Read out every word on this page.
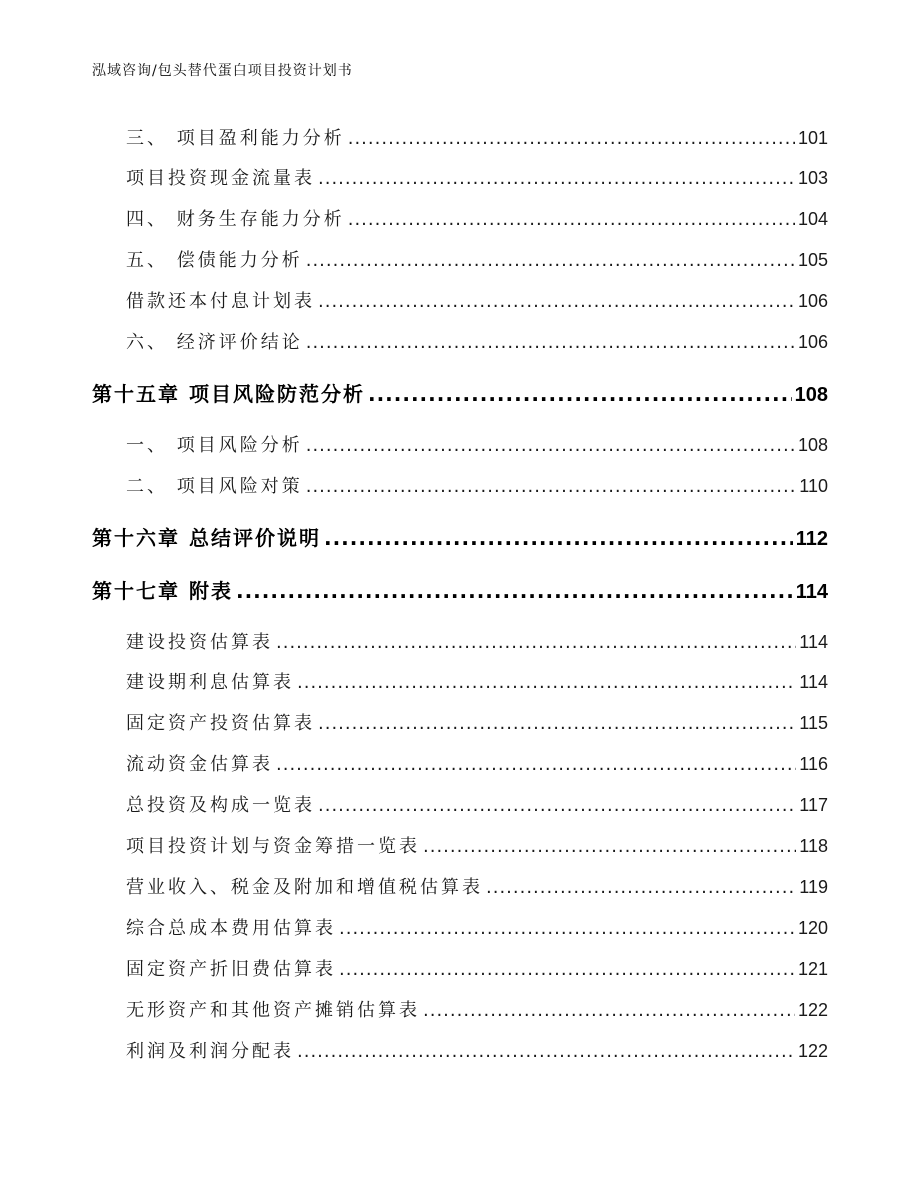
泓域咨询/包头替代蛋白项目投资计划书
三、 项目盈利能力分析 .....	101
项目投资现金流量表 .....	103
四、 财务生存能力分析 .....	104
五、 偿债能力分析 .....	105
借款还本付息计划表 .....	106
六、 经济评价结论 .....	106
第十五章 项目风险防范分析 .....	108
一、 项目风险分析 .....	108
二、 项目风险对策 .....	110
第十六章 总结评价说明 .....	112
第十七章 附表 .....	114
建设投资估算表 .....	114
建设期利息估算表 .....	114
固定资产投资估算表 .....	115
流动资金估算表 .....	116
总投资及构成一览表 .....	117
项目投资计划与资金筹措一览表 .....	118
营业收入、税金及附加和增值税估算表 .....	119
综合总成本费用估算表 .....	120
固定资产折旧费估算表 .....	121
无形资产和其他资产摊销估算表 .....	122
利润及利润分配表 .....	122
